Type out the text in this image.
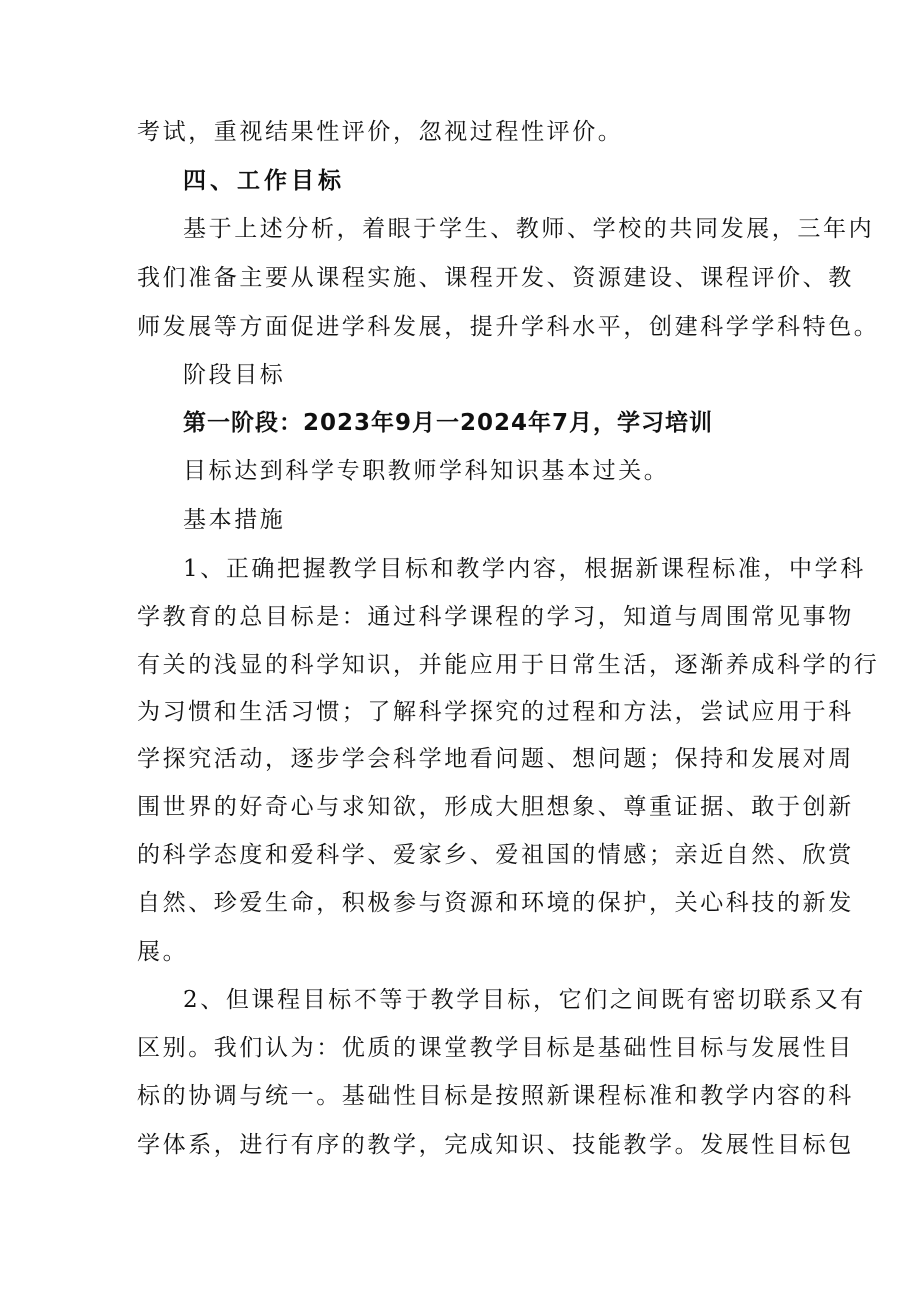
考试，重视结果性评价，忽视过程性评价。
四、工作目标
基于上述分析，着眼于学生、教师、学校的共同发展，三年内
我们准备主要从课程实施、课程开发、资源建设、课程评价、教
师发展等方面促进学科发展，提升学科水平，创建科学学科特色。
阶段目标
第一阶段：2023年9月一2024年7月，学习培训
目标达到科学专职教师学科知识基本过关。
基本措施
1、正确把握教学目标和教学内容，根据新课程标准，中学科
学教育的总目标是：通过科学课程的学习，知道与周围常见事物
有关的浅显的科学知识，并能应用于日常生活，逐渐养成科学的行
为习惯和生活习惯；了解科学探究的过程和方法，尝试应用于科
学探究活动，逐步学会科学地看问题、想问题；保持和发展对周
围世界的好奇心与求知欲，形成大胆想象、尊重证据、敢于创新
的科学态度和爱科学、爱家乡、爱祖国的情感；亲近自然、欣赏
自然、珍爱生命，积极参与资源和环境的保护，关心科技的新发
展。
2、但课程目标不等于教学目标，它们之间既有密切联系又有
区别。我们认为：优质的课堂教学目标是基础性目标与发展性目
标的协调与统一。基础性目标是按照新课程标准和教学内容的科
学体系，进行有序的教学，完成知识、技能教学。发展性目标包
